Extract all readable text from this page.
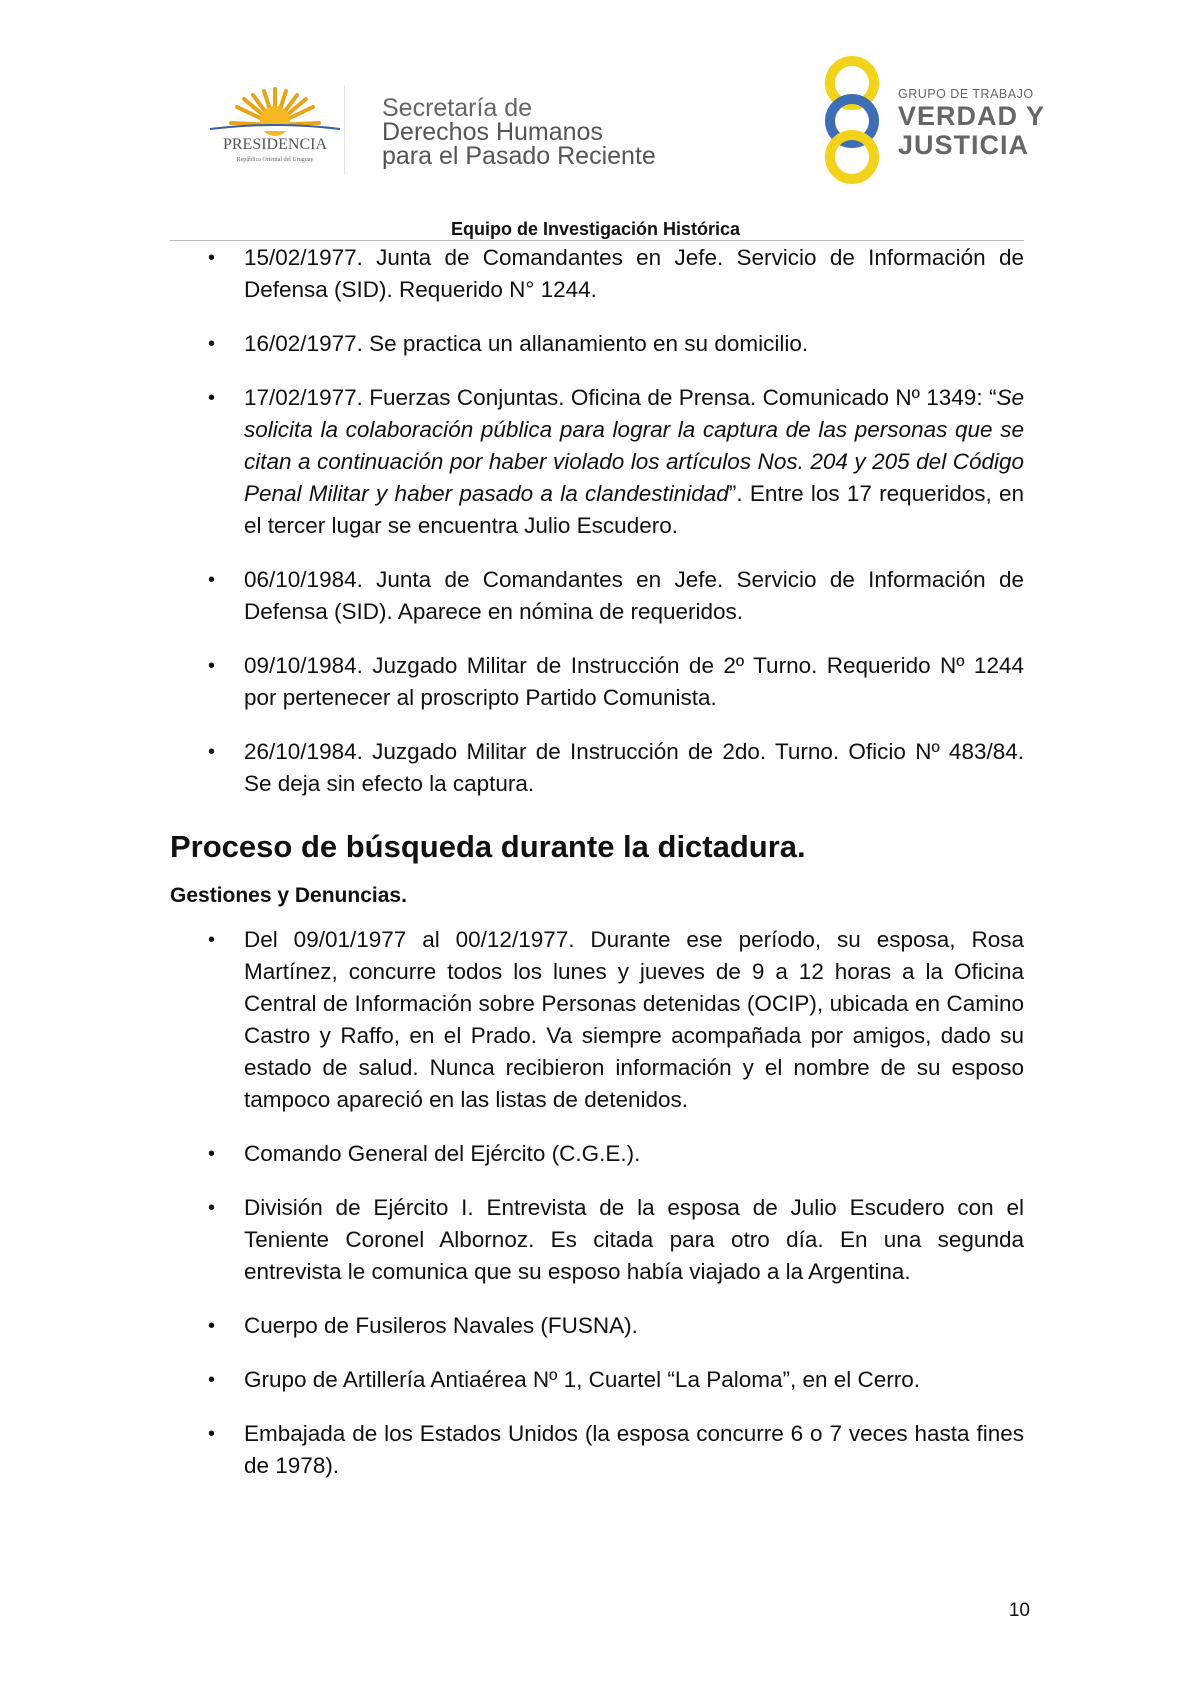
PRESIDENCIA
República Oriental del Uruguay
Secretaría de
Derechos Humanos
para el Pasado Reciente
GRUPO DE TRABAJO
VERDAD Y
JUSTICIA
Equipo de Investigación Histórica
• 15/02/1977. Junta de Comandantes en Jefe. Servicio de Información de Defensa (SID). Requerido N° 1244.
• 16/02/1977. Se practica un allanamiento en su domicilio.
• 17/02/1977. Fuerzas Conjuntas. Oficina de Prensa. Comunicado Nº 1349: “Se solicita la colaboración pública para lograr la captura de las personas que se citan a continuación por haber violado los artículos Nos. 204 y 205 del Código Penal Militar y haber pasado a la clandestinidad”. Entre los 17 requeridos, en el tercer lugar se encuentra Julio Escudero.
• 06/10/1984. Junta de Comandantes en Jefe. Servicio de Información de Defensa (SID). Aparece en nómina de requeridos.
• 09/10/1984. Juzgado Militar de Instrucción de 2º Turno. Requerido Nº 1244 por pertenecer al proscripto Partido Comunista.
• 26/10/1984. Juzgado Militar de Instrucción de 2do. Turno. Oficio Nº 483/84. Se deja sin efecto la captura.
Proceso de búsqueda durante la dictadura.
Gestiones y Denuncias.
• Del 09/01/1977 al 00/12/1977. Durante ese período, su esposa, Rosa Martínez, concurre todos los lunes y jueves de 9 a 12 horas a la Oficina Central de Información sobre Personas detenidas (OCIP), ubicada en Camino Castro y Raffo, en el Prado. Va siempre acompañada por amigos, dado su estado de salud. Nunca recibieron información y el nombre de su esposo tampoco apareció en las listas de detenidos.
• Comando General del Ejército (C.G.E.).
• División de Ejército I. Entrevista de la esposa de Julio Escudero con el Teniente Coronel Albornoz. Es citada para otro día. En una segunda entrevista le comunica que su esposo había viajado a la Argentina.
• Cuerpo de Fusileros Navales (FUSNA).
• Grupo de Artillería Antiaérea Nº 1, Cuartel “La Paloma”, en el Cerro.
• Embajada de los Estados Unidos (la esposa concurre 6 o 7 veces hasta fines de 1978).
10
